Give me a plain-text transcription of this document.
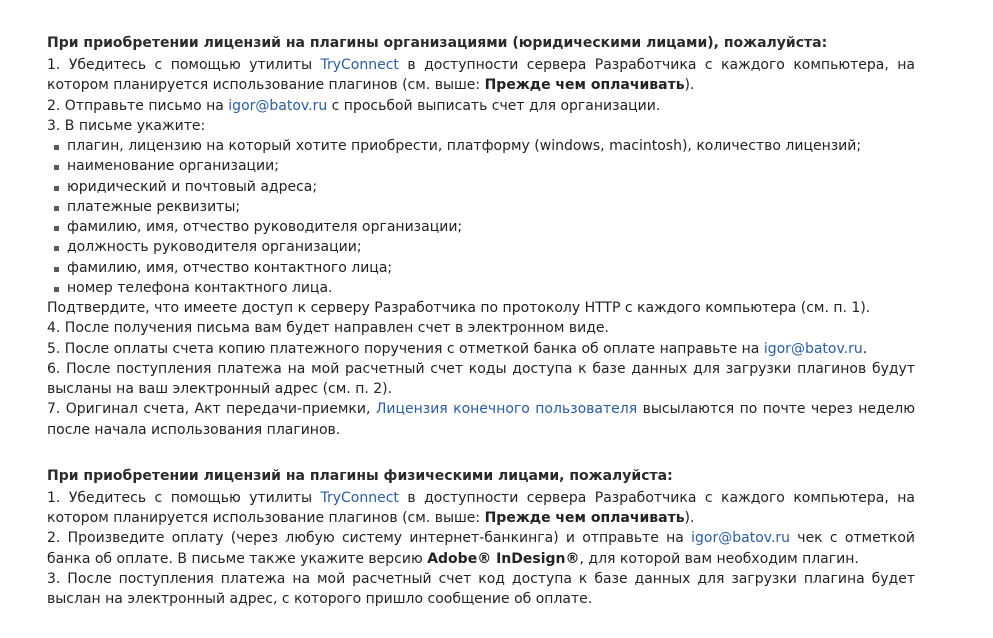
При приобретении лицензий на плагины организациями (юридическими лицами), пожалуйста:

1. Убедитесь с помощью утилиты TryConnect в доступности сервера Разработчика с каждого компьютера, на котором планируется использование плагинов (см. выше: Прежде чем оплачивать).

2. Отправьте письмо на igor@batov.ru с просьбой выписать счет для организации.

3. В письме укажите:

плагин, лицензию на который хотите приобрести, платформу (windows, macintosh), количество лицензий;
наименование организации;
юридический и почтовый адреса;
платежные реквизиты;
фамилию, имя, отчество руководителя организации;
должность руководителя организации;
фамилию, имя, отчество контактного лица;
номер телефона контактного лица.

Подтвердите, что имеете доступ к серверу Разработчика по протоколу HTTP с каждого компьютера (см. п. 1).

4. После получения письма вам будет направлен счет в электронном виде.

5. После оплаты счета копию платежного поручения с отметкой банка об оплате направьте на igor@batov.ru.

6. После поступления платежа на мой расчетный счет коды доступа к базе данных для загрузки плагинов будут высланы на ваш электронный адрес (см. п. 2).

7. Оригинал счета, Акт передачи-приемки, Лицензия конечного пользователя высылаются по почте через неделю после начала использования плагинов.

При приобретении лицензий на плагины физическими лицами, пожалуйста:

1. Убедитесь с помощью утилиты TryConnect в доступности сервера Разработчика с каждого компьютера, на котором планируется использование плагинов (см. выше: Прежде чем оплачивать).

2. Произведите оплату (через любую систему интернет-банкинга) и отправьте на igor@batov.ru чек с отметкой банка об оплате. В письме также укажите версию Adobe® InDesign®, для которой вам необходим плагин.

3. После поступления платежа на мой расчетный счет код доступа к базе данных для загрузки плагина будет выслан на электронный адрес, с которого пришло сообщение об оплате.
